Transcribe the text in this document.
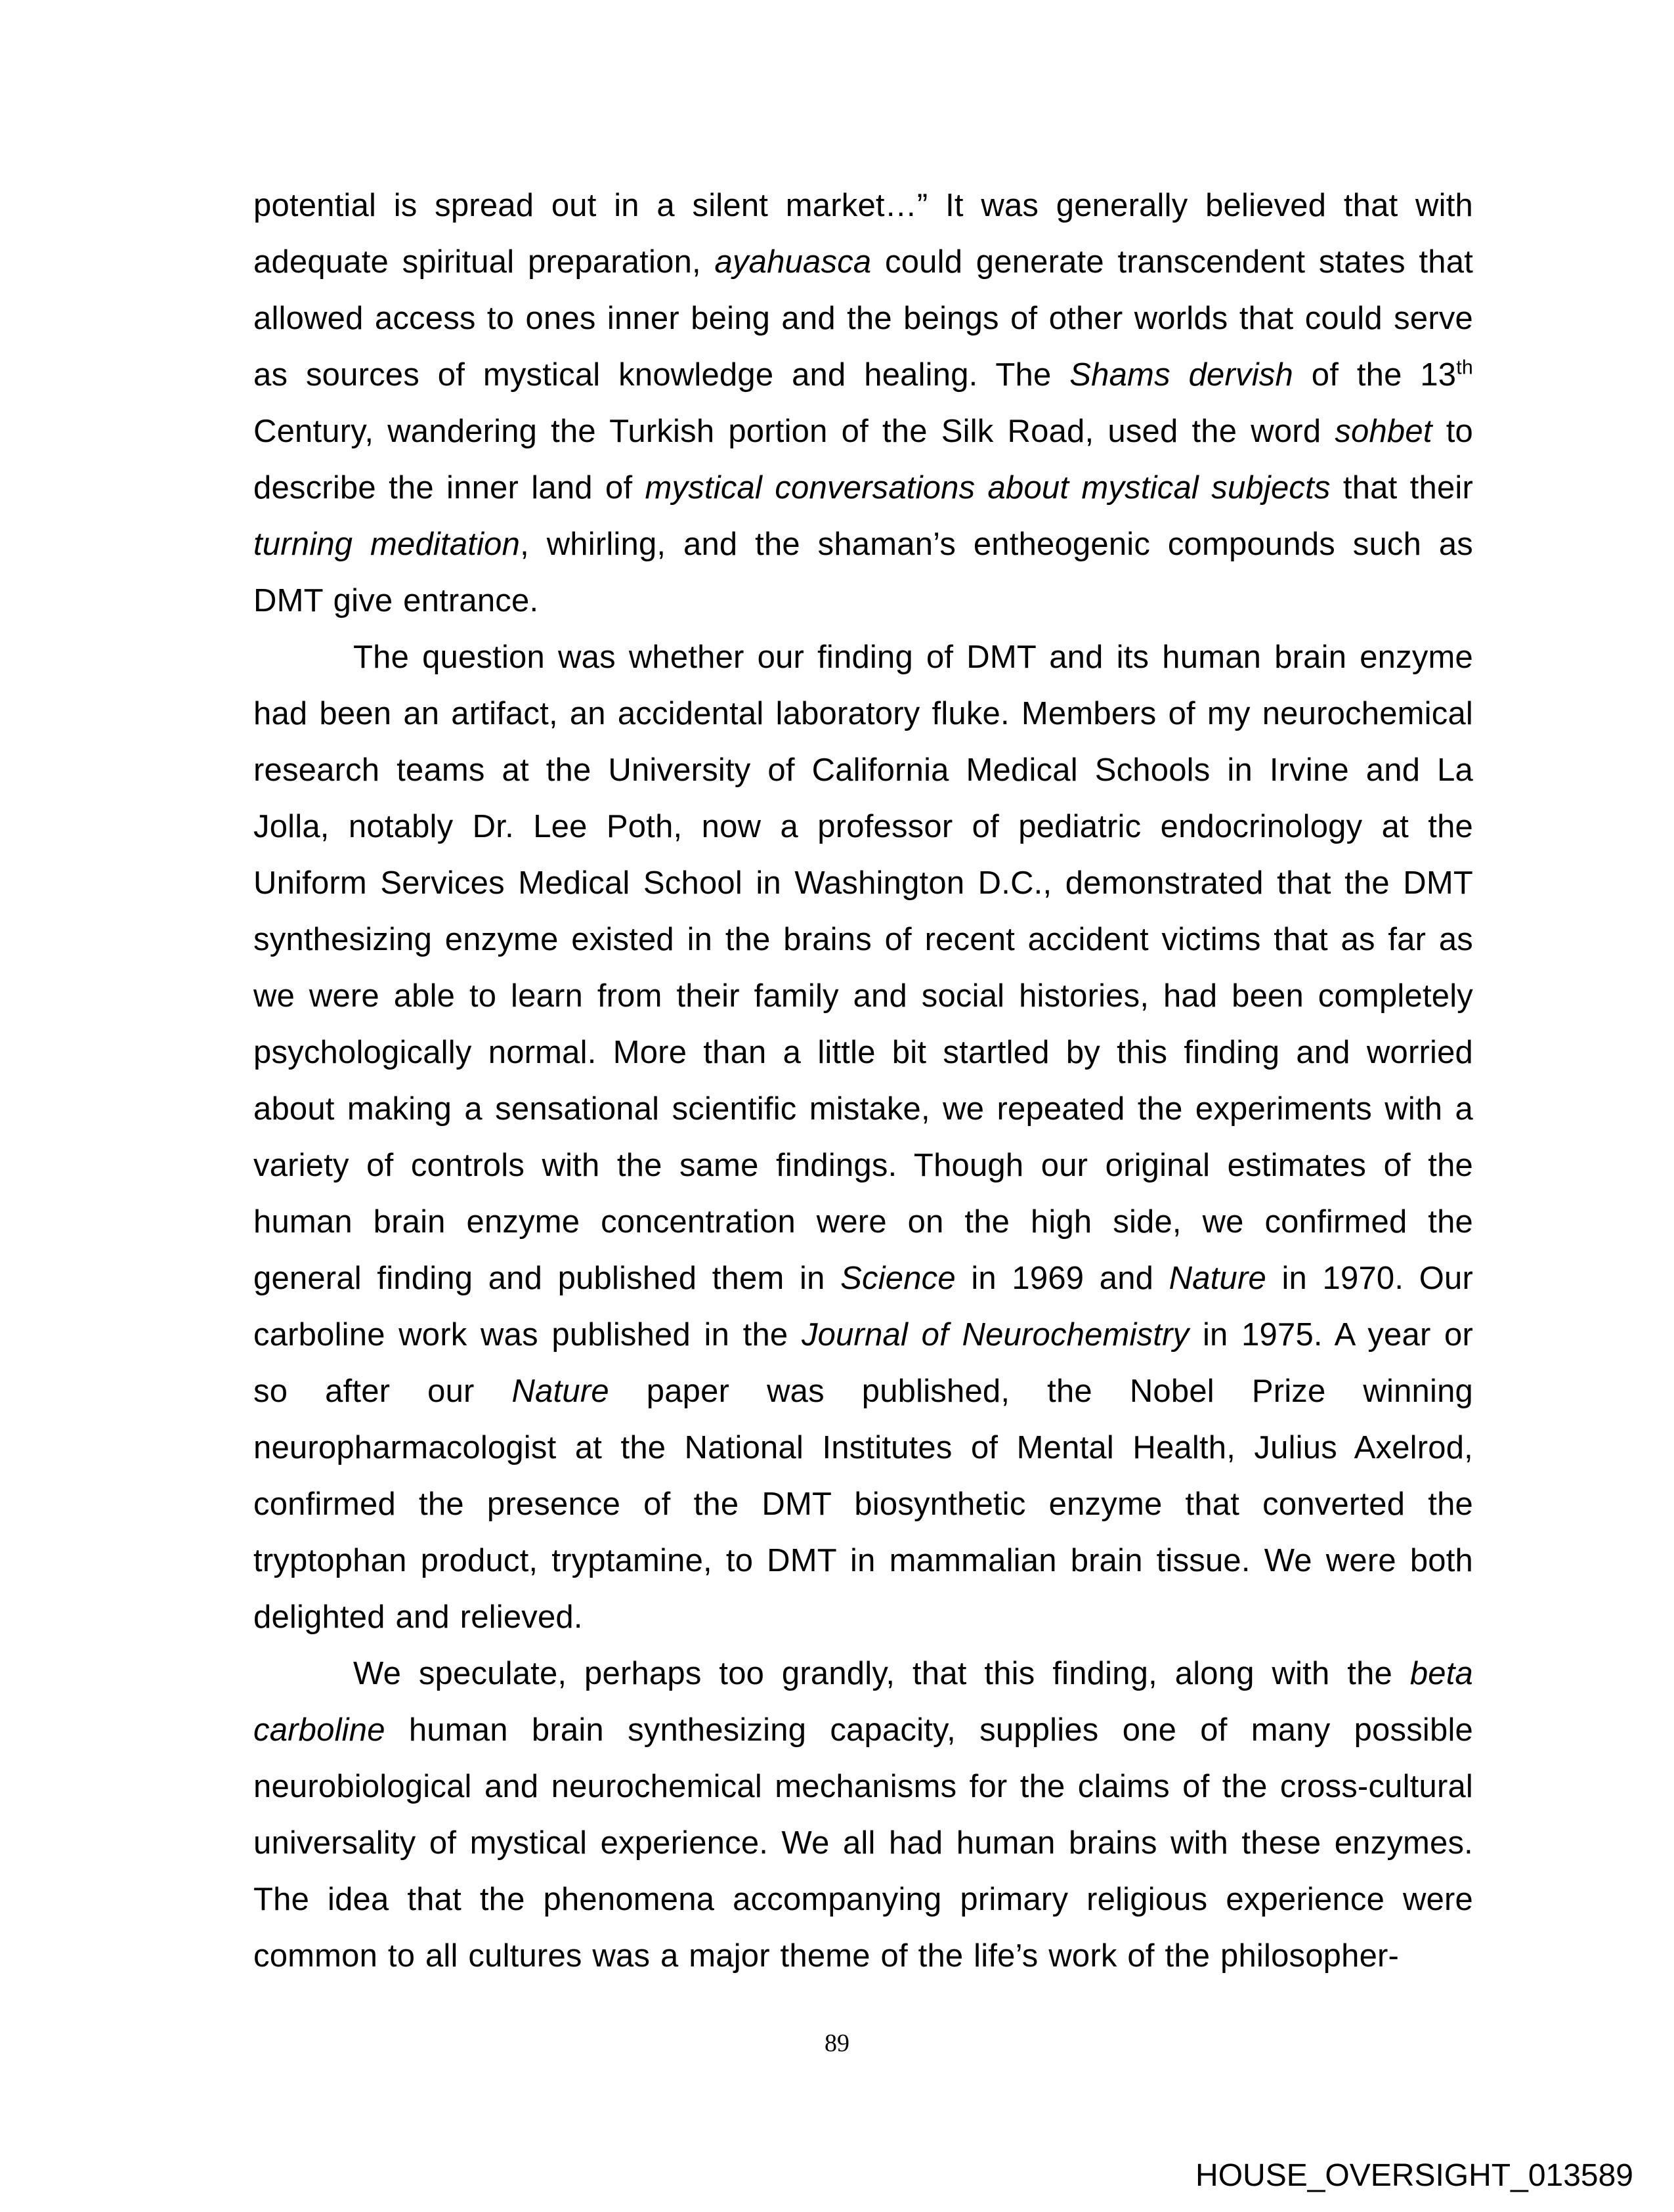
potential is spread out in a silent market…” It was generally believed that with adequate spiritual preparation, ayahuasca could generate transcendent states that allowed access to ones inner being and the beings of other worlds that could serve as sources of mystical knowledge and healing. The Shams dervish of the 13th Century, wandering the Turkish portion of the Silk Road, used the word sohbet to describe the inner land of mystical conversations about mystical subjects that their turning meditation, whirling, and the shaman’s entheogenic compounds such as DMT give entrance.

The question was whether our finding of DMT and its human brain enzyme had been an artifact, an accidental laboratory fluke. Members of my neurochemical research teams at the University of California Medical Schools in Irvine and La Jolla, notably Dr. Lee Poth, now a professor of pediatric endocrinology at the Uniform Services Medical School in Washington D.C., demonstrated that the DMT synthesizing enzyme existed in the brains of recent accident victims that as far as we were able to learn from their family and social histories, had been completely psychologically normal. More than a little bit startled by this finding and worried about making a sensational scientific mistake, we repeated the experiments with a variety of controls with the same findings. Though our original estimates of the human brain enzyme concentration were on the high side, we confirmed the general finding and published them in Science in 1969 and Nature in 1970. Our carboline work was published in the Journal of Neurochemistry in 1975. A year or so after our Nature paper was published, the Nobel Prize winning neuropharmacologist at the National Institutes of Mental Health, Julius Axelrod, confirmed the presence of the DMT biosynthetic enzyme that converted the tryptophan product, tryptamine, to DMT in mammalian brain tissue. We were both delighted and relieved.

We speculate, perhaps too grandly, that this finding, along with the beta carboline human brain synthesizing capacity, supplies one of many possible neurobiological and neurochemical mechanisms for the claims of the cross-cultural universality of mystical experience. We all had human brains with these enzymes. The idea that the phenomena accompanying primary religious experience were common to all cultures was a major theme of the life’s work of the philosopher-

89
HOUSE_OVERSIGHT_013589
